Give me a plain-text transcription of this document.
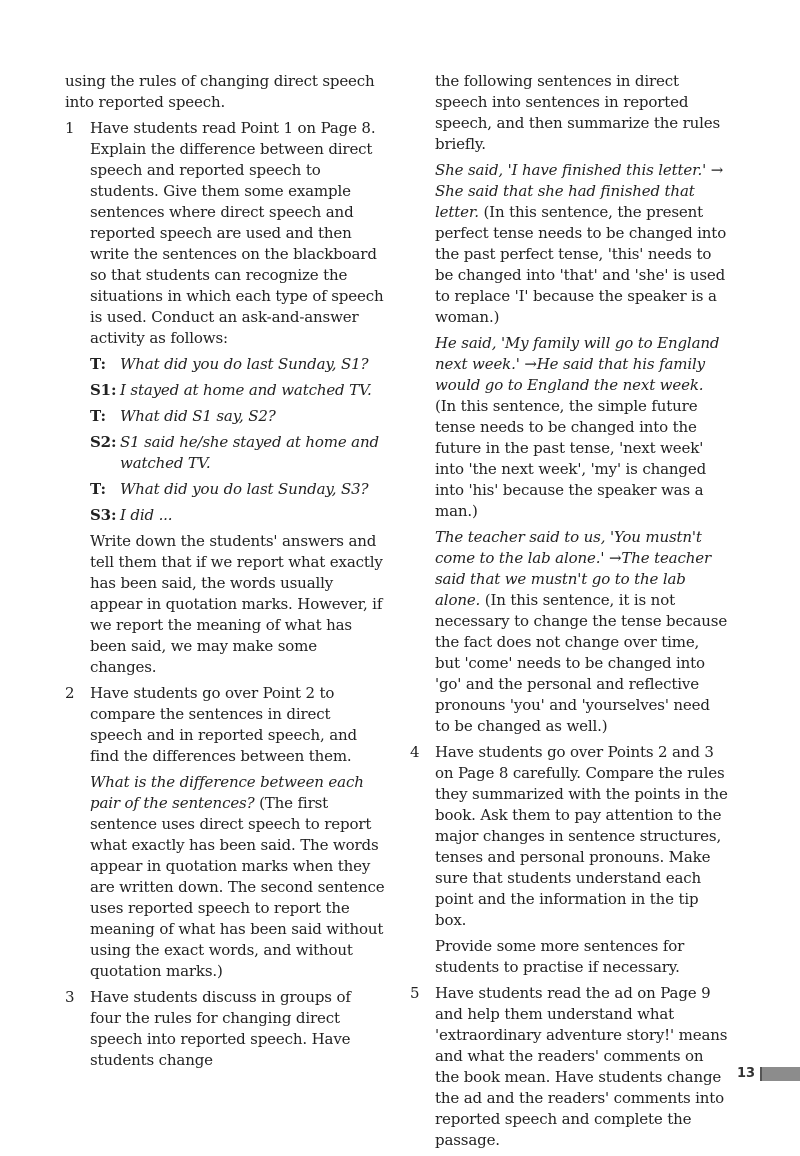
using the rules of changing direct speech into reported speech.

1 Have students read Point 1 on Page 8. Explain the difference between direct speech and reported speech to students. Give them some example sentences where direct speech and reported speech are used and then write the sentences on the blackboard so that students can recognize the situations in which each type of speech is used. Conduct an ask-and-answer activity as follows:

T: What did you do last Sunday, S1?
S1: I stayed at home and watched TV.
T: What did S1 say, S2?
S2: S1 said he/she stayed at home and watched TV.
T: What did you do last Sunday, S3?
S3: I did ...

Write down the students' answers and tell them that if we report what exactly has been said, the words usually appear in quotation marks. However, if we report the meaning of what has been said, we may make some changes.

2 Have students go over Point 2 to compare the sentences in direct speech and in reported speech, and find the differences between them.

What is the difference between each pair of the sentences? (The first sentence uses direct speech to report what exactly has been said. The words appear in quotation marks when they are written down. The second sentence uses reported speech to report the meaning of what has been said without using the exact words, and without quotation marks.)

3 Have students discuss in groups of four the rules for changing direct speech into reported speech. Have students change

the following sentences in direct speech into sentences in reported speech, and then summarize the rules briefly.

She said, 'I have finished this letter.' → She said that she had finished that letter. (In this sentence, the present perfect tense needs to be changed into the past perfect tense, 'this' needs to be changed into 'that' and 'she' is used to replace 'I' because the speaker is a woman.)

He said, 'My family will go to England next week.' →He said that his family would go to England the next week. (In this sentence, the simple future tense needs to be changed into the future in the past tense, 'next week' into 'the next week', 'my' is changed into 'his' because the speaker was a man.)

The teacher said to us, 'You mustn't come to the lab alone.' →The teacher said that we mustn't go to the lab alone. (In this sentence, it is not necessary to change the tense because the fact does not change over time, but 'come' needs to be changed into 'go' and the personal and reflective pronouns 'you' and 'yourselves' need to be changed as well.)

4 Have students go over Points 2 and 3 on Page 8 carefully. Compare the rules they summarized with the points in the book. Ask them to pay attention to the major changes in sentence structures, tenses and personal pronouns. Make sure that students understand each point and the information in the tip box.

Provide some more sentences for students to practise if necessary.

5 Have students read the ad on Page 9 and help them understand what 'extraordinary adventure story!' means and what the readers' comments on the book mean. Have students change the ad and the readers' comments into reported speech and complete the passage.

13
